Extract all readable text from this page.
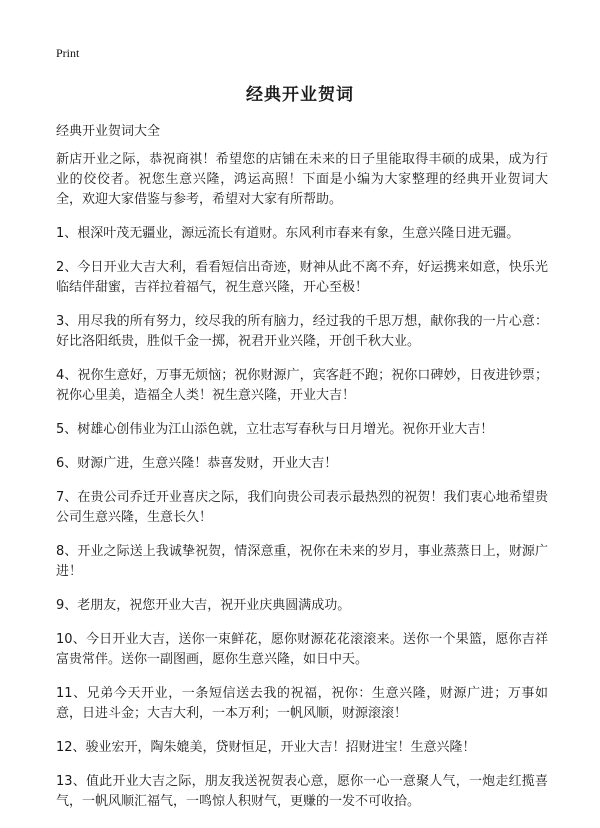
Print
经典开业贺词

经典开业贺词大全

新店开业之际，恭祝商祺！希望您的店铺在未来的日子里能取得丰硕的成果，成为行业的佼佼者。祝您生意兴隆，鸿运高照！下面是小编为大家整理的经典开业贺词大全，欢迎大家借鉴与参考，希望对大家有所帮助。

1、根深叶茂无疆业，源远流长有道财。东风利市春来有象，生意兴隆日进无疆。

2、今日开业大吉大利，看看短信出奇迹，财神从此不离不弃，好运携来如意，快乐光临结伴甜蜜，吉祥拉着福气，祝生意兴隆，开心至极！

3、用尽我的所有努力，绞尽我的所有脑力，经过我的千思万想，献你我的一片心意：好比洛阳纸贵，胜似千金一掷，祝君开业兴隆，开创千秋大业。

4、祝你生意好，万事无烦恼；祝你财源广，宾客赶不跑；祝你口碑妙，日夜进钞票；祝你心里美，造福全人类！祝生意兴隆，开业大吉！

5、树雄心创伟业为江山添色就，立壮志写春秋与日月增光。祝你开业大吉！

6、财源广进，生意兴隆！恭喜发财，开业大吉！

7、在贵公司乔迁开业喜庆之际，我们向贵公司表示最热烈的祝贺！我们衷心地希望贵公司生意兴隆，生意长久！

8、开业之际送上我诚挚祝贺，情深意重，祝你在未来的岁月，事业蒸蒸日上，财源广进！

9、老朋友，祝您开业大吉，祝开业庆典圆满成功。

10、今日开业大吉，送你一束鲜花，愿你财源花花滚滚来。送你一个果篮，愿你吉祥富贵常伴。送你一副图画，愿你生意兴隆，如日中天。

11、兄弟今天开业，一条短信送去我的祝福，祝你：生意兴隆，财源广进；万事如意，日进斗金；大吉大利，一本万利；一帆风顺，财源滚滚！

12、骏业宏开，陶朱媲美，贷财恒足，开业大吉！招财进宝！生意兴隆！

13、值此开业大吉之际，朋友我送祝贺表心意，愿你一心一意聚人气，一炮走红揽喜气，一帆风顺汇福气，一鸣惊人积财气，更赚的一发不可收拾。
